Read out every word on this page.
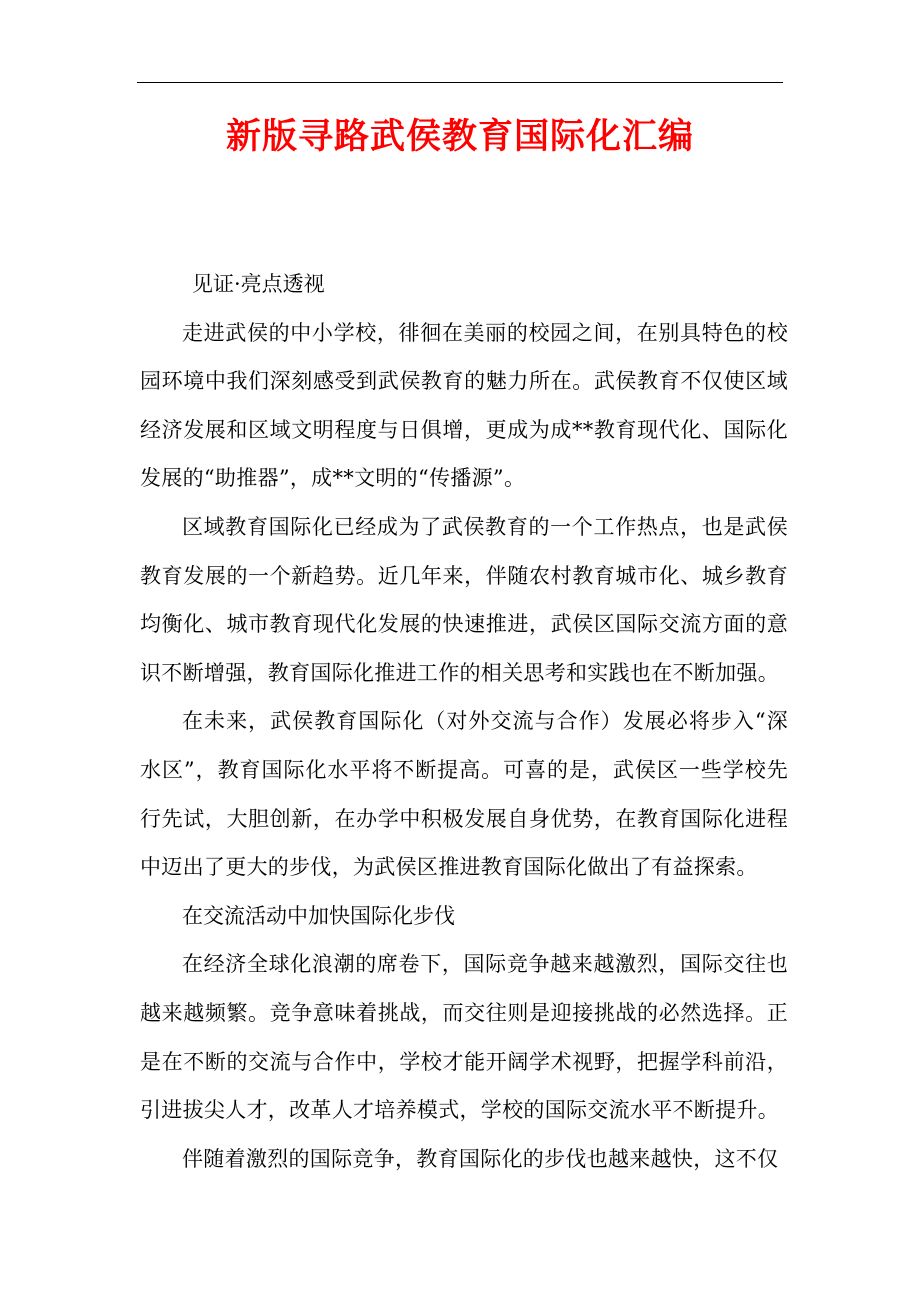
新版寻路武侯教育国际化汇编

见证·亮点透视

走进武侯的中小学校，徘徊在美丽的校园之间，在别具特色的校园环境中我们深刻感受到武侯教育的魅力所在。武侯教育不仅使区域经济发展和区域文明程度与日俱增，更成为成**教育现代化、国际化发展的“助推器”，成**文明的“传播源”。

区域教育国际化已经成为了武侯教育的一个工作热点，也是武侯教育发展的一个新趋势。近几年来，伴随农村教育城市化、城乡教育均衡化、城市教育现代化发展的快速推进，武侯区国际交流方面的意识不断增强，教育国际化推进工作的相关思考和实践也在不断加强。

在未来，武侯教育国际化（对外交流与合作）发展必将步入“深水区”，教育国际化水平将不断提高。可喜的是，武侯区一些学校先行先试，大胆创新，在办学中积极发展自身优势，在教育国际化进程中迈出了更大的步伐，为武侯区推进教育国际化做出了有益探索。

在交流活动中加快国际化步伐

在经济全球化浪潮的席卷下，国际竞争越来越激烈，国际交往也越来越频繁。竞争意味着挑战，而交往则是迎接挑战的必然选择。正是在不断的交流与合作中，学校才能开阔学术视野，把握学科前沿，引进拔尖人才，改革人才培养模式，学校的国际交流水平不断提升。

伴随着激烈的国际竞争，教育国际化的步伐也越来越快，这不仅
